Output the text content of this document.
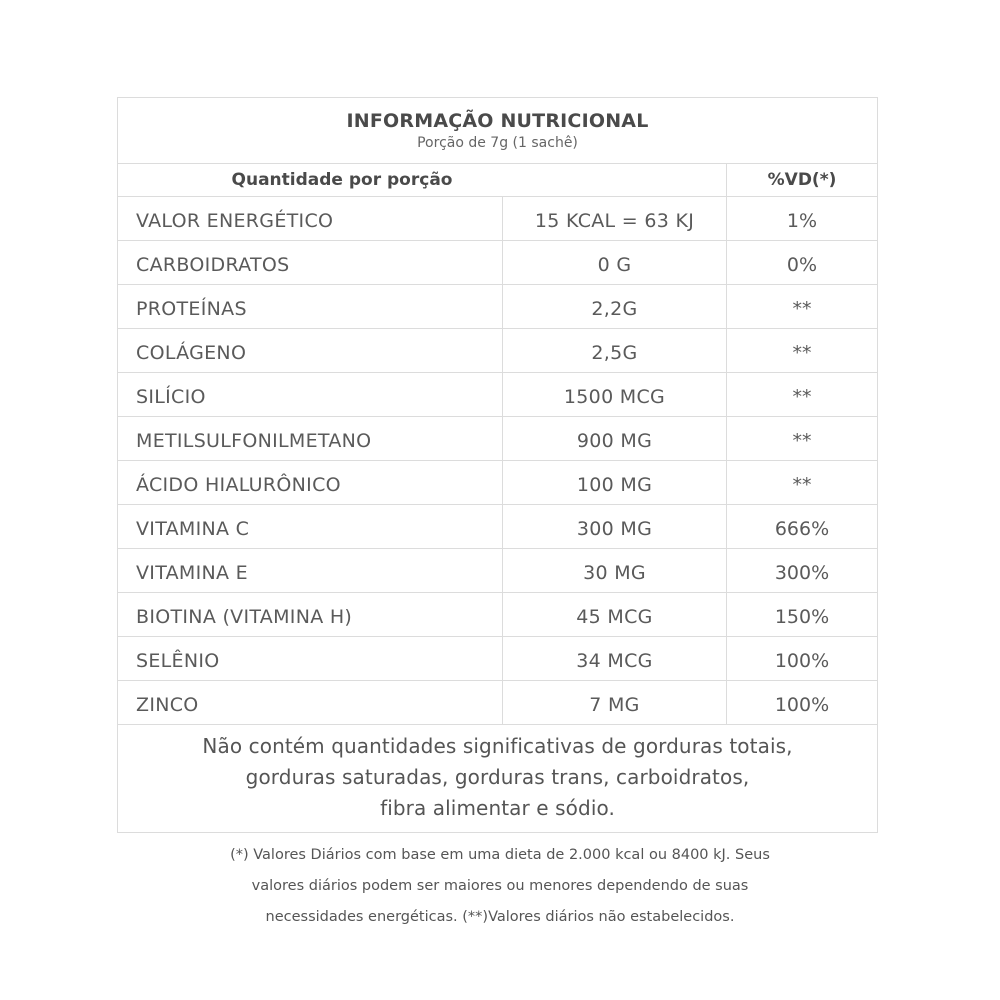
INFORMAÇÃO NUTRICIONAL
Porção de 7g (1 sachê)
Quantidade por porção	%VD(*)
VALOR ENERGÉTICO	15 KCAL = 63 KJ	1%
CARBOIDRATOS	0 G	0%
PROTEÍNAS	2,2G	**
COLÁGENO	2,5G	**
SILÍCIO	1500 MCG	**
METILSULFONILMETANO	900 MG	**
ÁCIDO HIALURÔNICO	100 MG	**
VITAMINA C	300 MG	666%
VITAMINA E	30 MG	300%
BIOTINA (VITAMINA H)	45 MCG	150%
SELÊNIO	34 MCG	100%
ZINCO	7 MG	100%
Não contém quantidades significativas de gorduras totais,
gorduras saturadas, gorduras trans, carboidratos,
fibra alimentar e sódio.
(*) Valores Diários com base em uma dieta de 2.000 kcal ou 8400 kJ. Seus
valores diários podem ser maiores ou menores dependendo de suas
necessidades energéticas. (**)Valores diários não estabelecidos.
